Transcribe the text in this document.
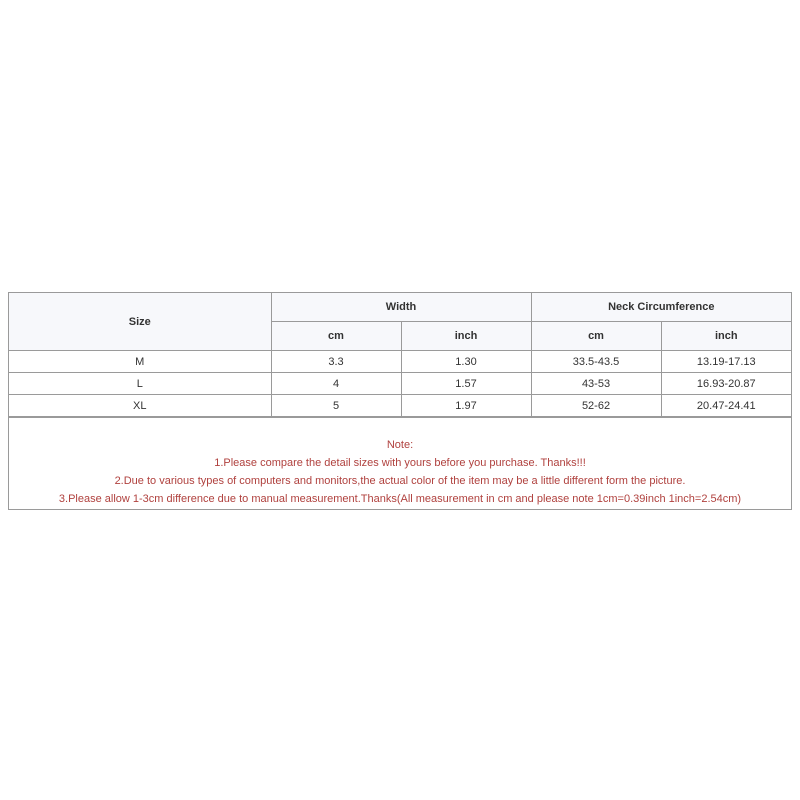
Size	Width		Neck Circumference	
	cm	inch	cm	inch
M	3.3	1.30	33.5-43.5	13.19-17.13
L	4	1.57	43-53	16.93-20.87
XL	5	1.97	52-62	20.47-24.41
Note:
1.Please compare the detail sizes with yours before you purchase. Thanks!!!
2.Due to various types of computers and monitors,the actual color of the item may be a little different form the picture.
3.Please allow 1-3cm difference due to manual measurement.Thanks(All measurement in cm and please note 1cm=0.39inch 1inch=2.54cm)
